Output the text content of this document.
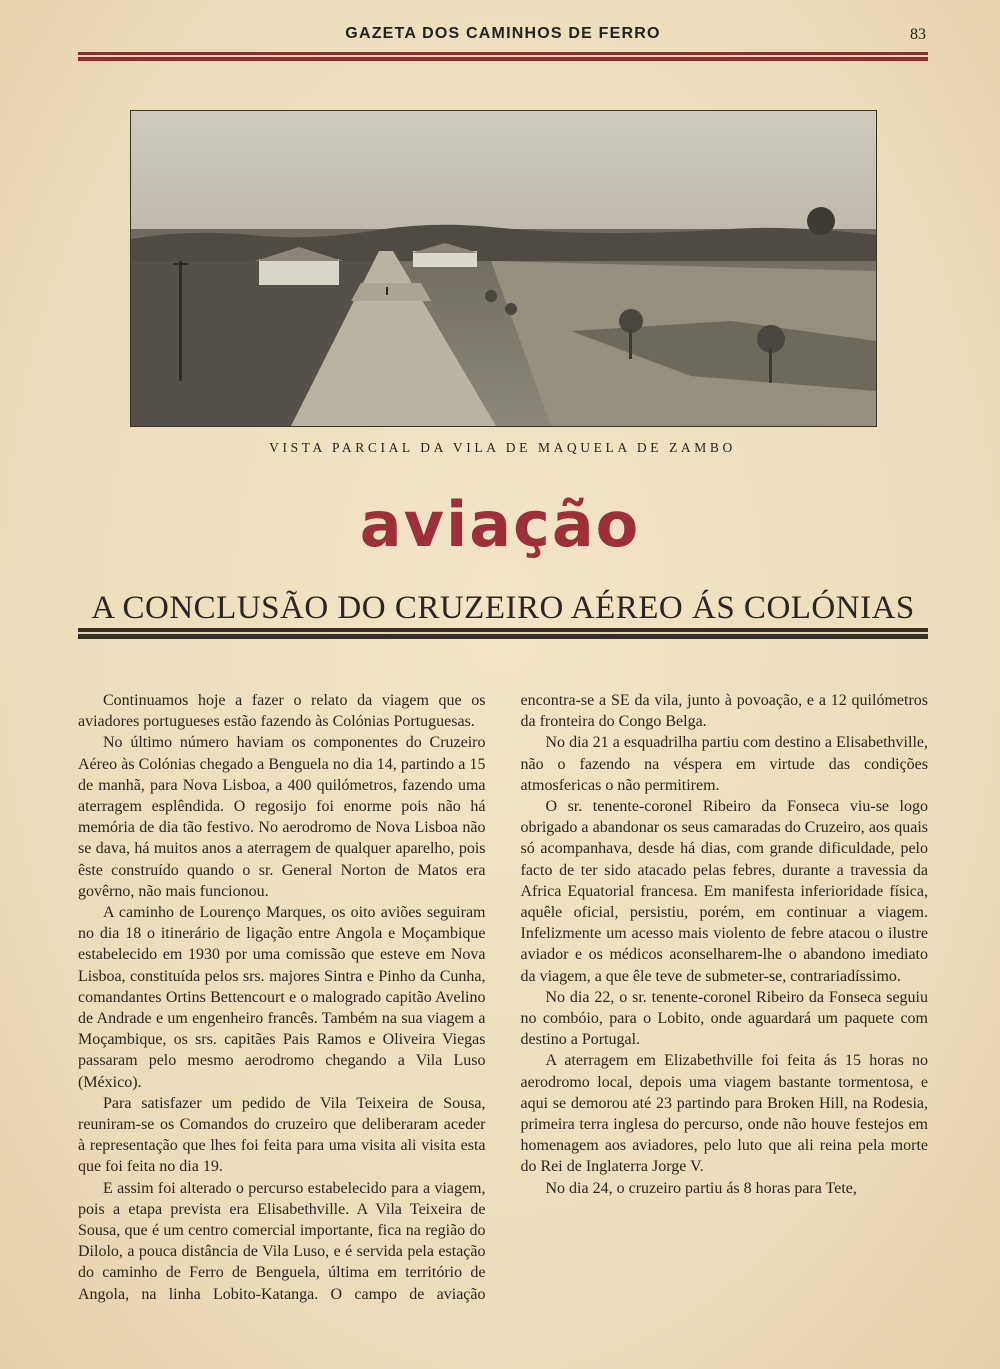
GAZETA DOS CAMINHOS DE FERRO	83
VISTA PARCIAL DA VILA DE MAQUELA DE ZAMBO
aviação
A CONCLUSÃO DO CRUZEIRO AÉREO ÁS COLÓNIAS

Continuamos hoje a fazer o relato da viagem que os aviadores portugueses estão fazendo às Colónias Portuguesas.

No último número haviam os componentes do Cruzeiro Aéreo às Colónias chegado a Benguela no dia 14, partindo a 15 de manhã, para Nova Lisboa, a 400 quilómetros, fazendo uma aterragem esplêndida. O regosijo foi enorme pois não há memória de dia tão festivo. No aerodromo de Nova Lisboa não se dava, há muitos anos a aterragem de qualquer aparelho, pois êste construído quando o sr. General Norton de Matos era govêrno, não mais funcionou.

A caminho de Lourenço Marques, os oito aviões seguiram no dia 18 o itinerário de ligação entre Angola e Moçambique estabelecido em 1930 por uma comissão que esteve em Nova Lisboa, constituída pelos srs. majores Sintra e Pinho da Cunha, comandantes Ortins Bettencourt e o malogrado capitão Avelino de Andrade e um engenheiro francês. Também na sua viagem a Moçambique, os srs. capitães Pais Ramos e Oliveira Viegas passaram pelo mesmo aerodromo chegando a Vila Luso (México).

Para satisfazer um pedido de Vila Teixeira de Sousa, reuniram-se os Comandos do cruzeiro que deliberaram aceder à representação que lhes foi feita para uma visita ali visita esta que foi feita no dia 19.

E assim foi alterado o percurso estabelecido para a viagem, pois a etapa prevista era Elisabethville. A Vila Teixeira de Sousa, que é um centro comercial importante, fica na região do Dilolo, a pouca distância de Vila Luso, e é servida pela estação do caminho de Ferro de Benguela, última em território de Angola, na linha Lobito-Katanga. O campo de aviação encontra-se a SE da vila, junto à povoação, e a 12 quilómetros da fronteira do Congo Belga.

No dia 21 a esquadrilha partiu com destino a Elisabethville, não o fazendo na véspera em virtude das condições atmosfericas o não permitirem.

O sr. tenente-coronel Ribeiro da Fonseca viu-se logo obrigado a abandonar os seus camaradas do Cruzeiro, aos quais só acompanhava, desde há dias, com grande dificuldade, pelo facto de ter sido atacado pelas febres, durante a travessia da Africa Equatorial francesa. Em manifesta inferioridade física, aquêle oficial, persistiu, porém, em continuar a viagem. Infelizmente um acesso mais violento de febre atacou o ilustre aviador e os médicos aconselharem-lhe o abandono imediato da viagem, a que êle teve de submeter-se, contrariadíssimo.

No dia 22, o sr. tenente-coronel Ribeiro da Fonseca seguiu no combóio, para o Lobito, onde aguardará um paquete com destino a Portugal.

A aterragem em Elizabethville foi feita ás 15 horas no aerodromo local, depois uma viagem bastante tormentosa, e aqui se demorou até 23 partindo para Broken Hill, na Rodesia, primeira terra inglesa do percurso, onde não houve festejos em homenagem aos aviadores, pelo luto que ali reina pela morte do Rei de Inglaterra Jorge V.

No dia 24, o cruzeiro partiu ás 8 horas para Tete,
